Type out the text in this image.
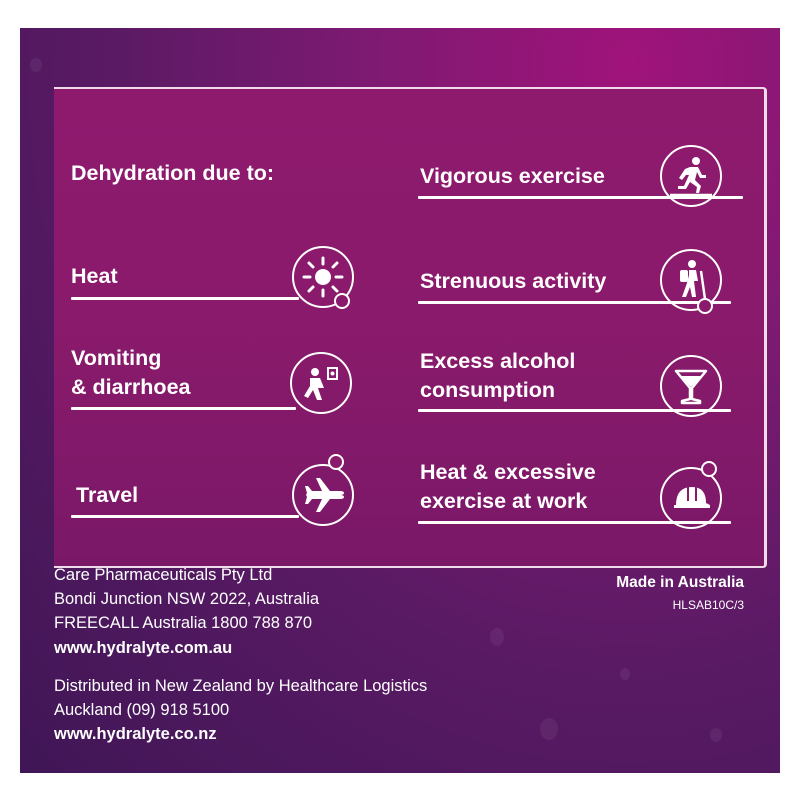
Dehydration due to:
Heat
Vomiting
& diarrhoea
Travel
Vigorous exercise
Strenuous activity
Excess alcohol
consumption
Heat & excessive
exercise at work
Care Pharmaceuticals Pty Ltd
Bondi Junction NSW 2022, Australia
FREECALL Australia 1800 788 870
www.hydralyte.com.au
Distributed in New Zealand by Healthcare Logistics
Auckland (09) 918 5100
www.hydralyte.co.nz
Made in Australia
HLSAB10C/3
